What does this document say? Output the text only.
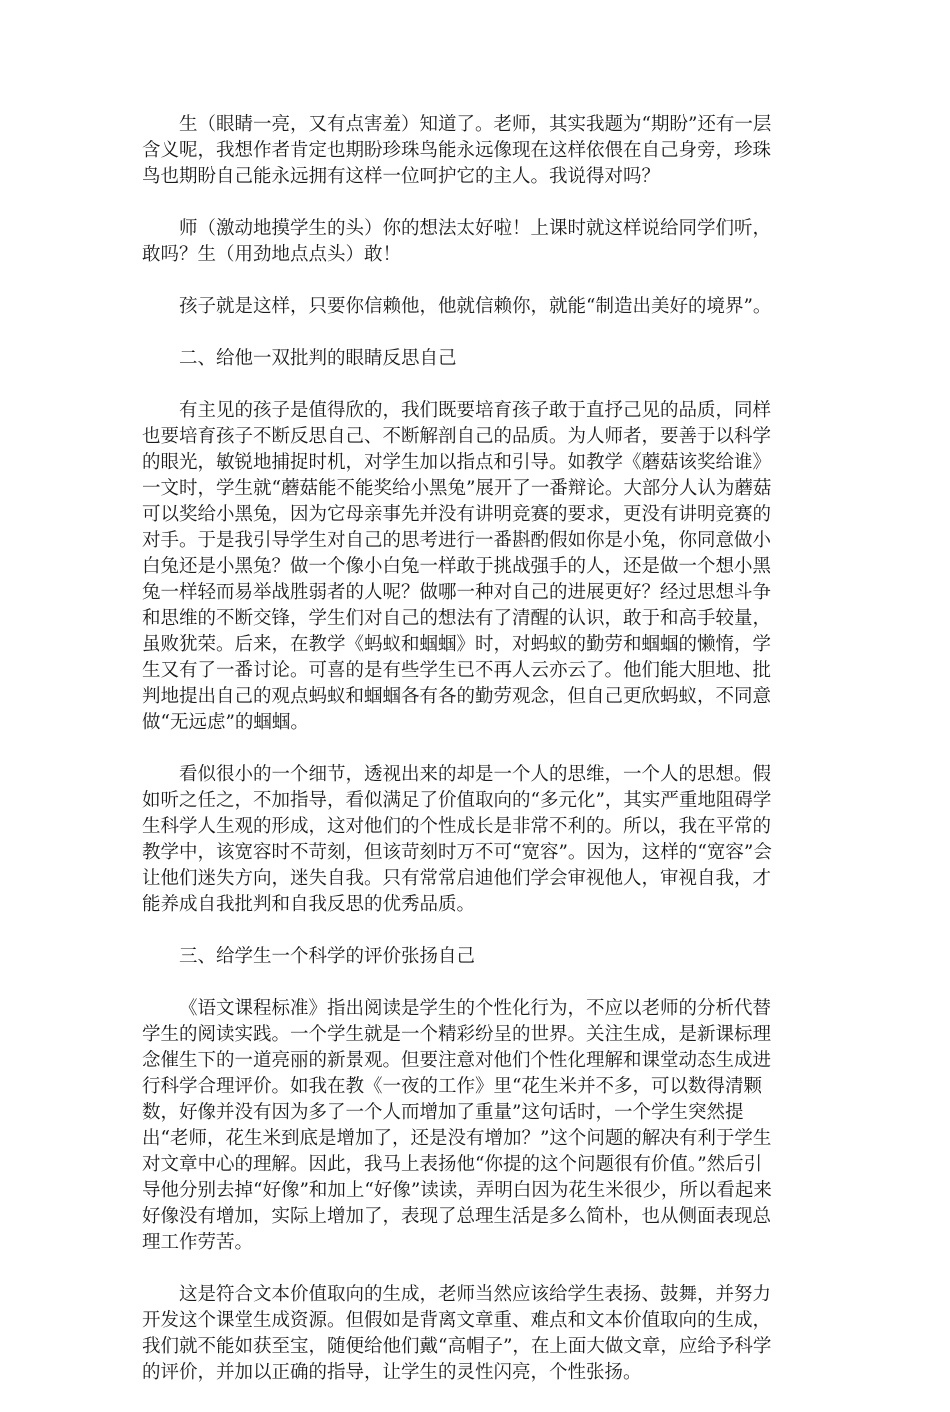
生（眼睛一亮，又有点害羞）知道了。老师，其实我题为“期盼”还有一层
含义呢，我想作者肯定也期盼珍珠鸟能永远像现在这样依偎在自己身旁，珍珠
鸟也期盼自己能永远拥有这样一位呵护它的主人。我说得对吗？
师（激动地摸学生的头）你的想法太好啦！上课时就这样说给同学们听，
敢吗？生（用劲地点点头）敢！
孩子就是这样，只要你信赖他，他就信赖你，就能“制造出美好的境界”。
二、给他一双批判的眼睛反思自己
有主见的孩子是值得欣的，我们既要培育孩子敢于直抒己见的品质，同样
也要培育孩子不断反思自己、不断解剖自己的品质。为人师者，要善于以科学
的眼光，敏锐地捕捉时机，对学生加以指点和引导。如教学《蘑菇该奖给谁》
一文时，学生就“蘑菇能不能奖给小黑兔”展开了一番辩论。大部分人认为蘑菇
可以奖给小黑兔，因为它母亲事先并没有讲明竞赛的要求，更没有讲明竞赛的
对手。于是我引导学生对自己的思考进行一番斟酌假如你是小兔，你同意做小
白兔还是小黑兔？做一个像小白兔一样敢于挑战强手的人，还是做一个想小黑
兔一样轻而易举战胜弱者的人呢？做哪一种对自己的进展更好？经过思想斗争
和思维的不断交锋，学生们对自己的想法有了清醒的认识，敢于和高手较量，
虽败犹荣。后来，在教学《蚂蚁和蝈蝈》时，对蚂蚁的勤劳和蝈蝈的懒惰，学
生又有了一番讨论。可喜的是有些学生已不再人云亦云了。他们能大胆地、批
判地提出自己的观点蚂蚁和蝈蝈各有各的勤劳观念，但自己更欣蚂蚁，不同意
做“无远虑”的蝈蝈。
看似很小的一个细节，透视出来的却是一个人的思维，一个人的思想。假
如听之任之，不加指导，看似满足了价值取向的“多元化”，其实严重地阻碍学
生科学人生观的形成，这对他们的个性成长是非常不利的。所以，我在平常的
教学中，该宽容时不苛刻，但该苛刻时万不可“宽容”。因为，这样的“宽容”会
让他们迷失方向，迷失自我。只有常常启迪他们学会审视他人，审视自我，才
能养成自我批判和自我反思的优秀品质。
三、给学生一个科学的评价张扬自己
《语文课程标准》指出阅读是学生的个性化行为，不应以老师的分析代替
学生的阅读实践。一个学生就是一个精彩纷呈的世界。关注生成，是新课标理
念催生下的一道亮丽的新景观。但要注意对他们个性化理解和课堂动态生成进
行科学合理评价。如我在教《一夜的工作》里“花生米并不多，可以数得清颗
数，好像并没有因为多了一个人而增加了重量”这句话时，一个学生突然提
出“老师，花生米到底是增加了，还是没有增加？”这个问题的解决有利于学生
对文章中心的理解。因此，我马上表扬他“你提的这个问题很有价值。”然后引
导他分别去掉“好像”和加上“好像”读读，弄明白因为花生米很少，所以看起来
好像没有增加，实际上增加了，表现了总理生活是多么简朴，也从侧面表现总
理工作劳苦。
这是符合文本价值取向的生成，老师当然应该给学生表扬、鼓舞，并努力
开发这个课堂生成资源。但假如是背离文章重、难点和文本价值取向的生成，
我们就不能如获至宝，随便给他们戴“高帽子”，在上面大做文章，应给予科学
的评价，并加以正确的指导，让学生的灵性闪亮，个性张扬。
